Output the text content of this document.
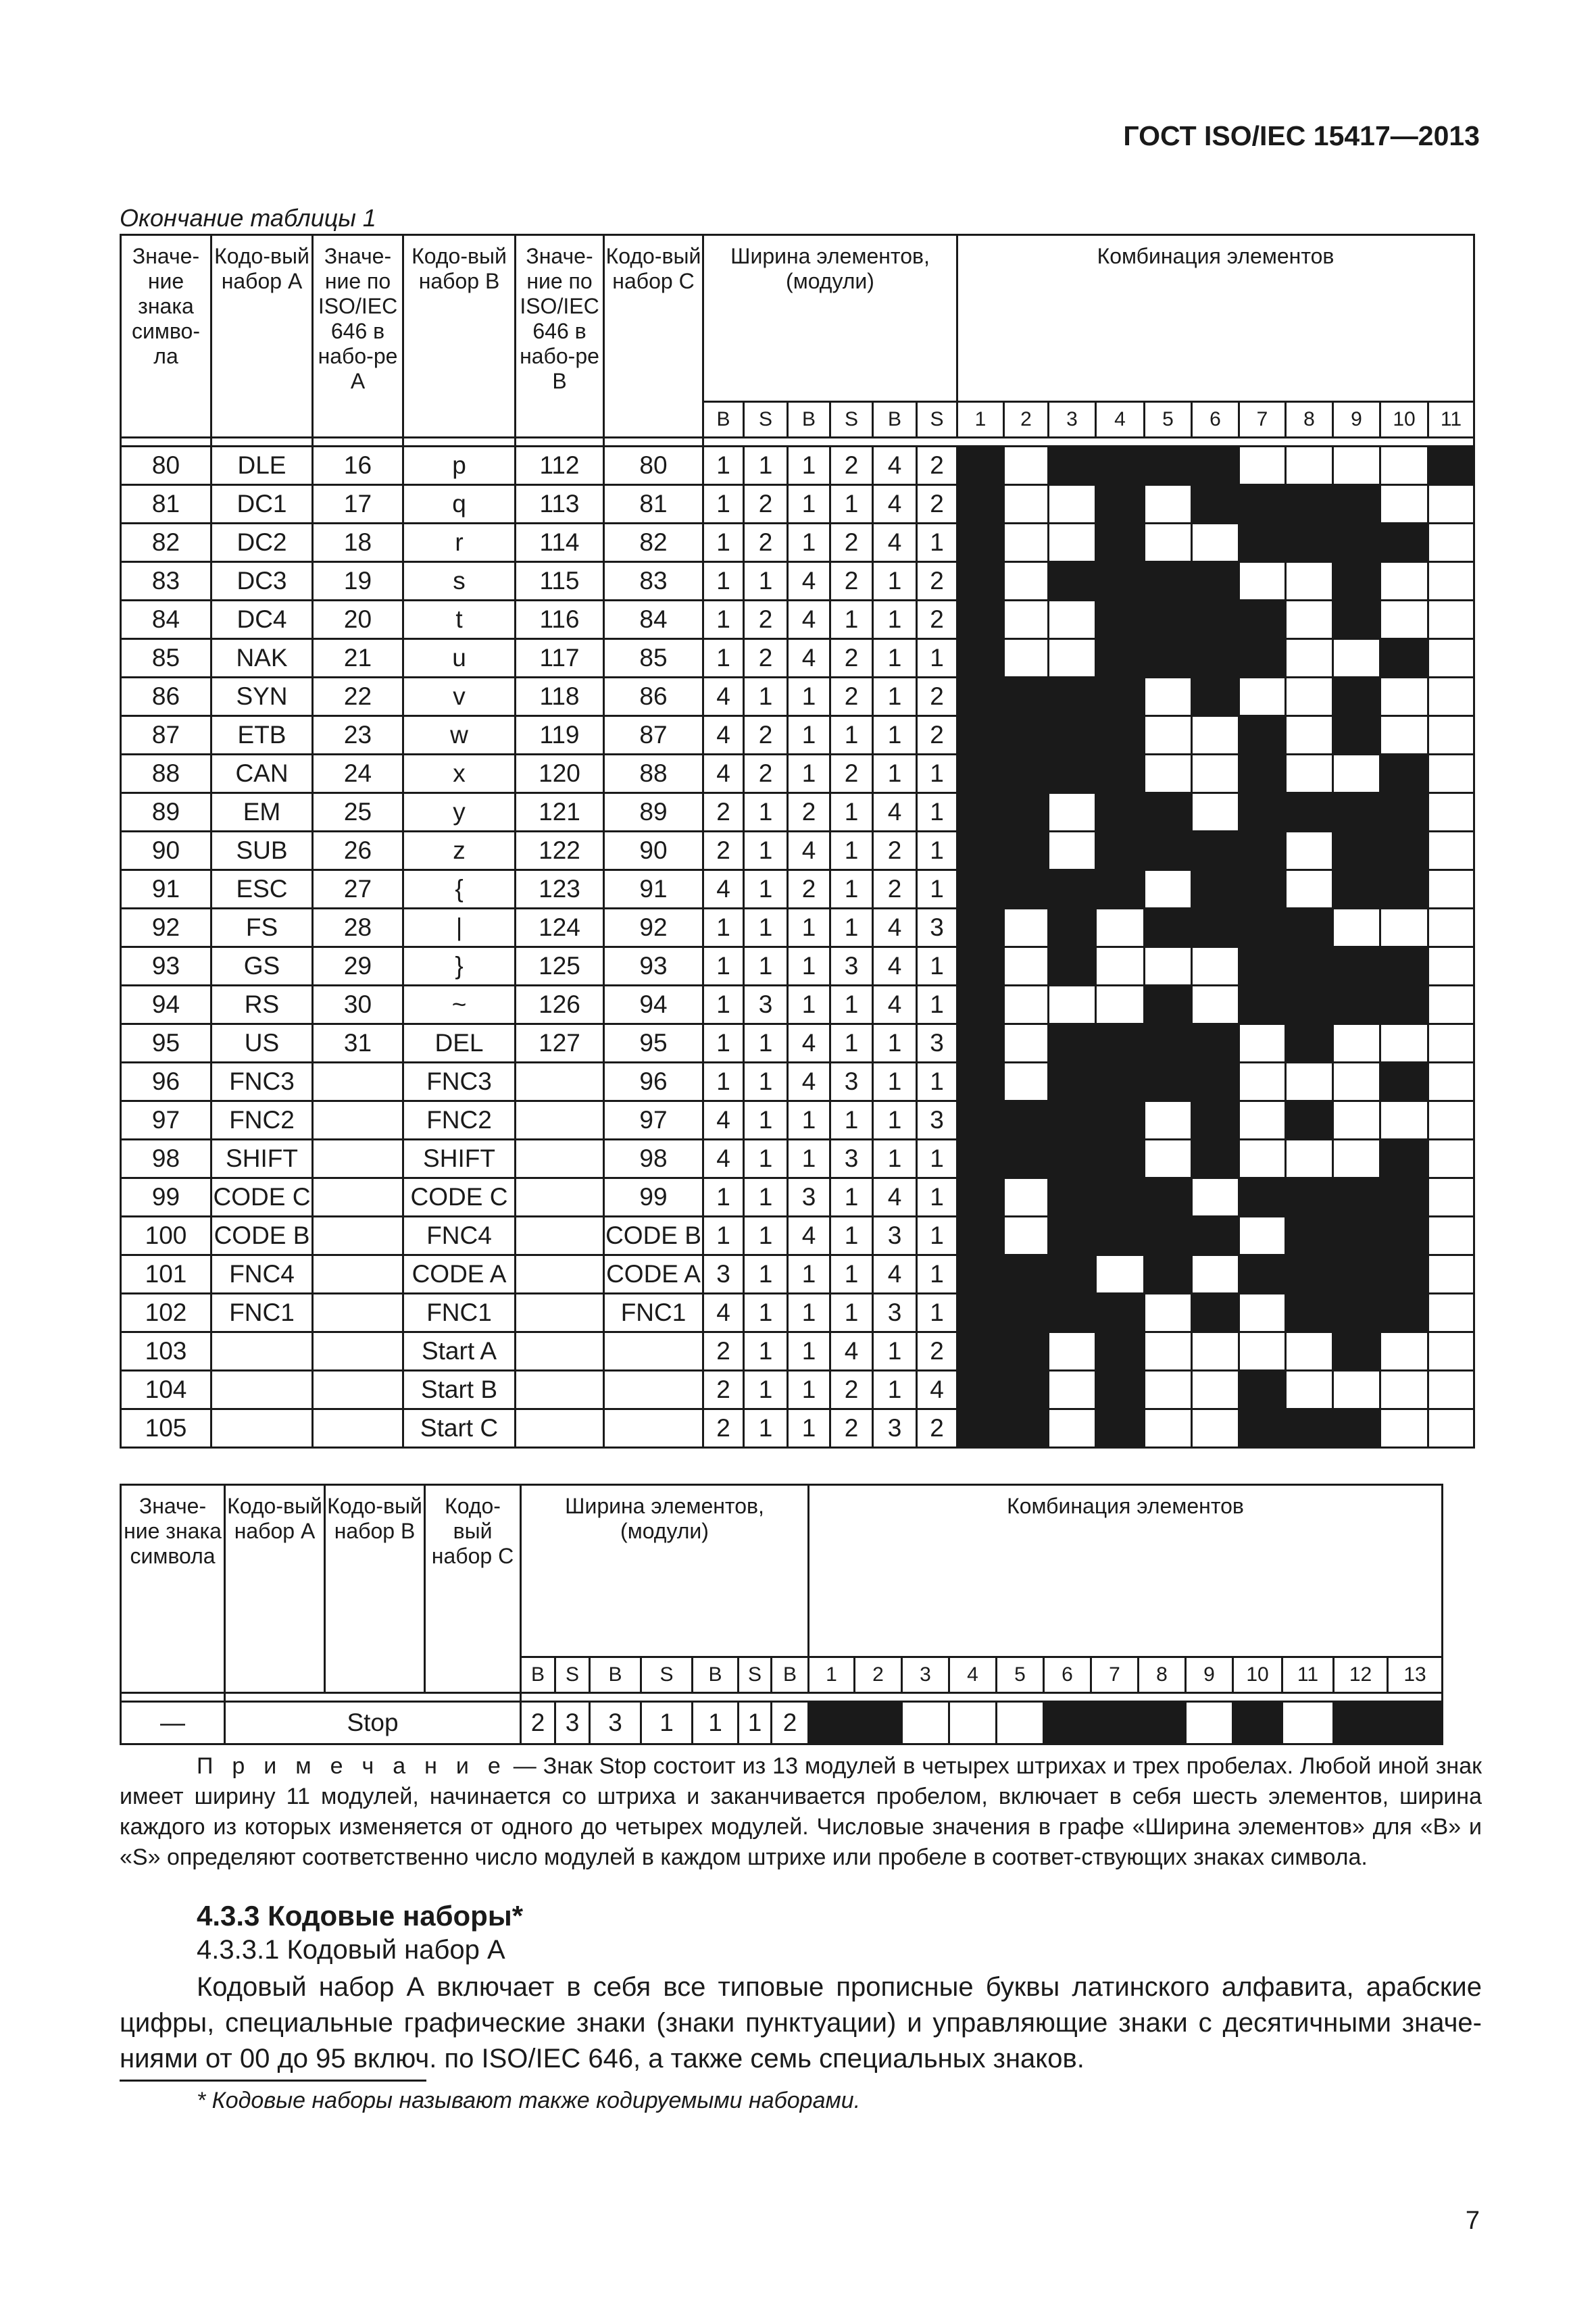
ГОСТ ISO/IEC 15417—2013
Окончание таблицы 1
Значе-ние знака симво-ла	Кодо-вый набор А	Значе-ние по ISO/IEC 646 в набо-ре А	Кодо-вый набор В	Значе-ние по ISO/IEC 646 в набо-ре В	Кодо-вый набор С	Ширина элементов, (модули)						Комбинация элементов										
						B	S	B	S	B	S	1	2	3	4	5	6	7	8	9	10	11

80	DLE	16	p	112	80	1	1	1	2	4	2											
81	DC1	17	q	113	81	1	2	1	1	4	2											
82	DC2	18	r	114	82	1	2	1	2	4	1											
83	DC3	19	s	115	83	1	1	4	2	1	2											
84	DC4	20	t	116	84	1	2	4	1	1	2											
85	NAK	21	u	117	85	1	2	4	2	1	1											
86	SYN	22	v	118	86	4	1	1	2	1	2											
87	ETB	23	w	119	87	4	2	1	1	1	2											
88	CAN	24	x	120	88	4	2	1	2	1	1											
89	EM	25	y	121	89	2	1	2	1	4	1											
90	SUB	26	z	122	90	2	1	4	1	2	1											
91	ESC	27	{	123	91	4	1	2	1	2	1											
92	FS	28	|	124	92	1	1	1	1	4	3											
93	GS	29	}	125	93	1	1	1	3	4	1											
94	RS	30	~	126	94	1	3	1	1	4	1											
95	US	31	DEL	127	95	1	1	4	1	1	3											
96	FNC3		FNC3		96	1	1	4	3	1	1											
97	FNC2		FNC2		97	4	1	1	1	1	3											
98	SHIFT		SHIFT		98	4	1	1	3	1	1											
99	CODE C		CODE C		99	1	1	3	1	4	1											
100	CODE B		FNC4		CODE B	1	1	4	1	3	1											
101	FNC4		CODE A		CODE A	3	1	1	1	4	1											
102	FNC1		FNC1		FNC1	4	1	1	1	3	1											
103			Start A			2	1	1	4	1	2											
104			Start B			2	1	1	2	1	4											
105			Start C			2	1	1	2	3	2											
Значе-ние знака символа	Кодо-вый набор А	Кодо-вый набор В	Кодо-вый набор С	Ширина элементов, (модули)							Комбинация элементов												
				B	S	B	S	B	S	B	1	2	3	4	5	6	7	8	9	10	11	12	13

—	Stop			2	3	3	1	1	1	2													
П р и м е ч а н и е — Знак Stop состоит из 13 модулей в четырех штрихах и трех пробелах. Любой иной знак имеет ширину 11 модулей, начинается со штриха и заканчивается пробелом, включает в себя шесть элементов, ширина каждого из которых изменяется от одного до четырех модулей. Числовые значения в графе «Ширина элементов» для «В» и «S» определяют соответственно число модулей в каждом штрихе или пробеле в соответ-ствующих знаках символа.
4.3.3 Кодовые наборы*
4.3.3.1 Кодовый набор А
Кодовый набор А включает в себя все типовые прописные буквы латинского алфавита, арабские цифры, специальные графические знаки (знаки пунктуации) и управляющие знаки с десятичными значе-ниями от 00 до 95 включ. по ISO/IEC 646, а также семь специальных знаков.
* Кодовые наборы называют также кодируемыми наборами.
7
